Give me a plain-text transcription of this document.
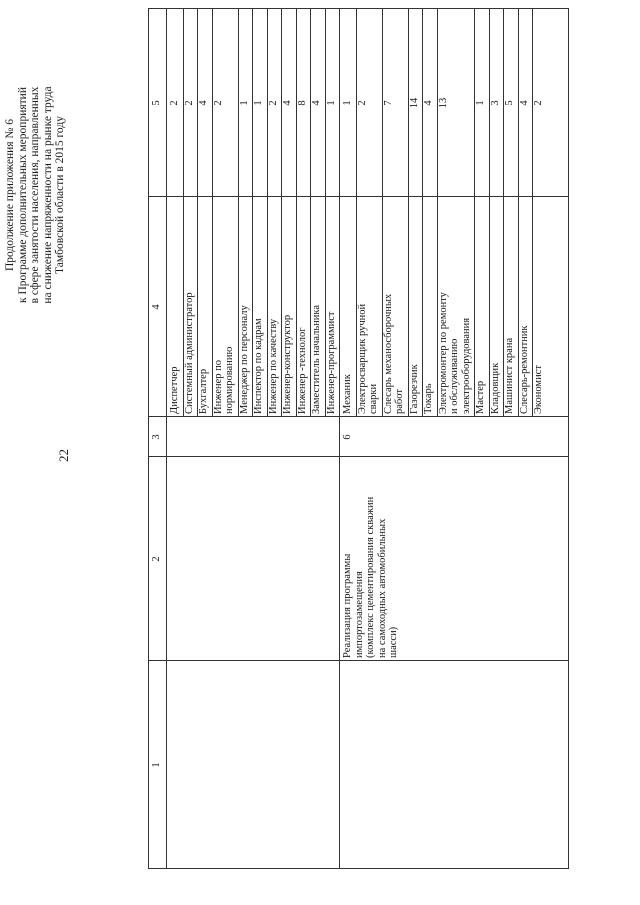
22
Продолжение приложения № 6 к Программе дополнительных мероприятий в сфере занятости населения, направленных на снижение напряженности на рынке труда Тамбовской области в 2015 году
1
2
3
4
5
Диспетчер
2
Системный администратор
2
Бухгалтер
4
Инженер по нормированию
2
Менеджер по персоналу
1
Инспектор по кадрам
1
Инженер по качеству
2
Инженер-конструктор
4
Инженер -технолог
8
Заместитель начальника
4
Инженер-программист
1
Реализация программы импортозамещения (комплекс цементирования скважин на самоходных автомобильных шасси)
6
Механик
1
Электросварщик ручной сварки
2
Слесарь механосборочных работ
7
Газорезчик
14
Токарь
4
Электромонтер по ремонту и обслуживанию электрооборудования
13
Мастер
1
Кладовщик
3
Машинист крана
5
Слесарь-ремонтник
4
Экономист
2
